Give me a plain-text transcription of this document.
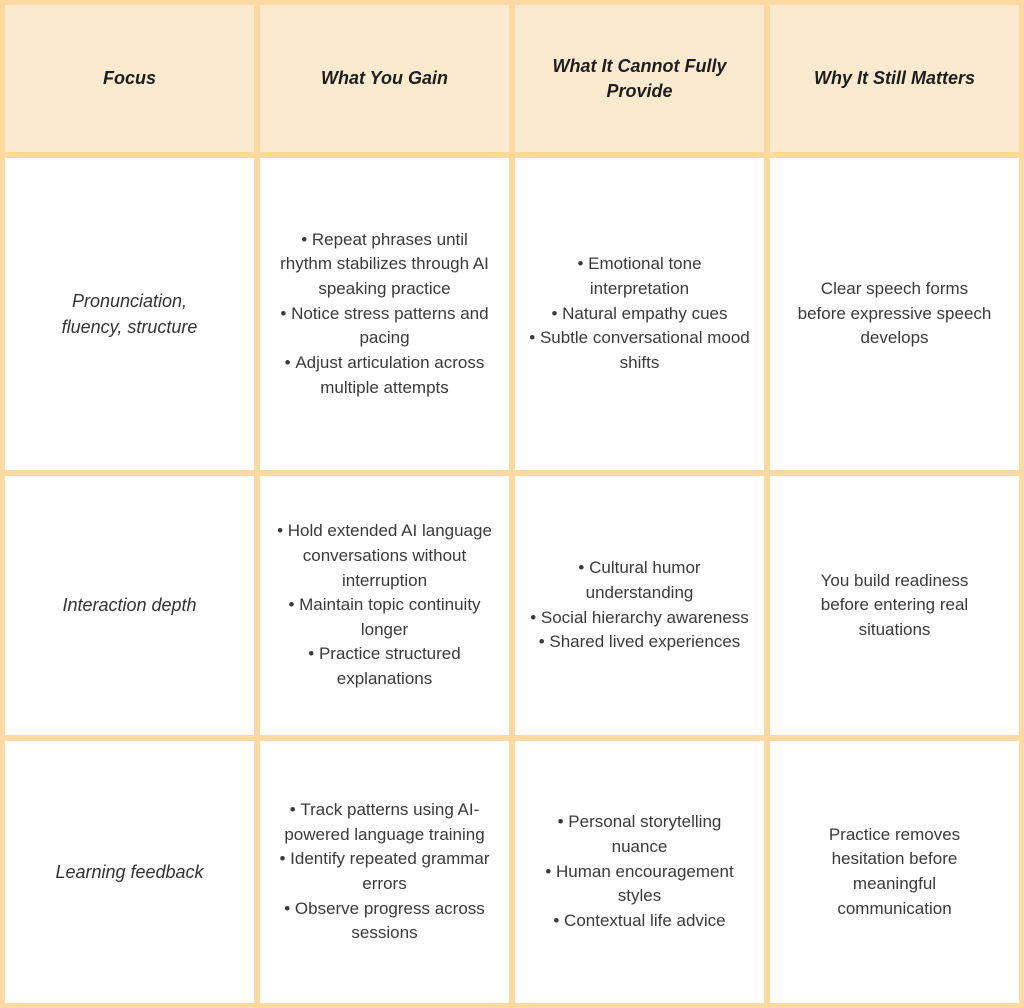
Focus	What You Gain
What It Cannot Fully Provide
Why It Still Matters
Pronunciation, fluency, structure
• Repeat phrases until rhythm stabilizes through AI speaking practice
• Notice stress patterns and pacing
• Adjust articulation across multiple attempts
• Emotional tone interpretation
• Natural empathy cues
• Subtle conversational mood shifts
Clear speech forms before expressive speech develops
Interaction depth
• Hold extended AI language conversations without interruption
• Maintain topic continuity longer
• Practice structured explanations
• Cultural humor understanding
• Social hierarchy awareness
• Shared lived experiences
You build readiness before entering real situations
Learning feedback
• Track patterns using AI-powered language training
• Identify repeated grammar errors
• Observe progress across sessions
• Personal storytelling nuance
• Human encouragement styles
• Contextual life advice
Practice removes hesitation before meaningful communication
